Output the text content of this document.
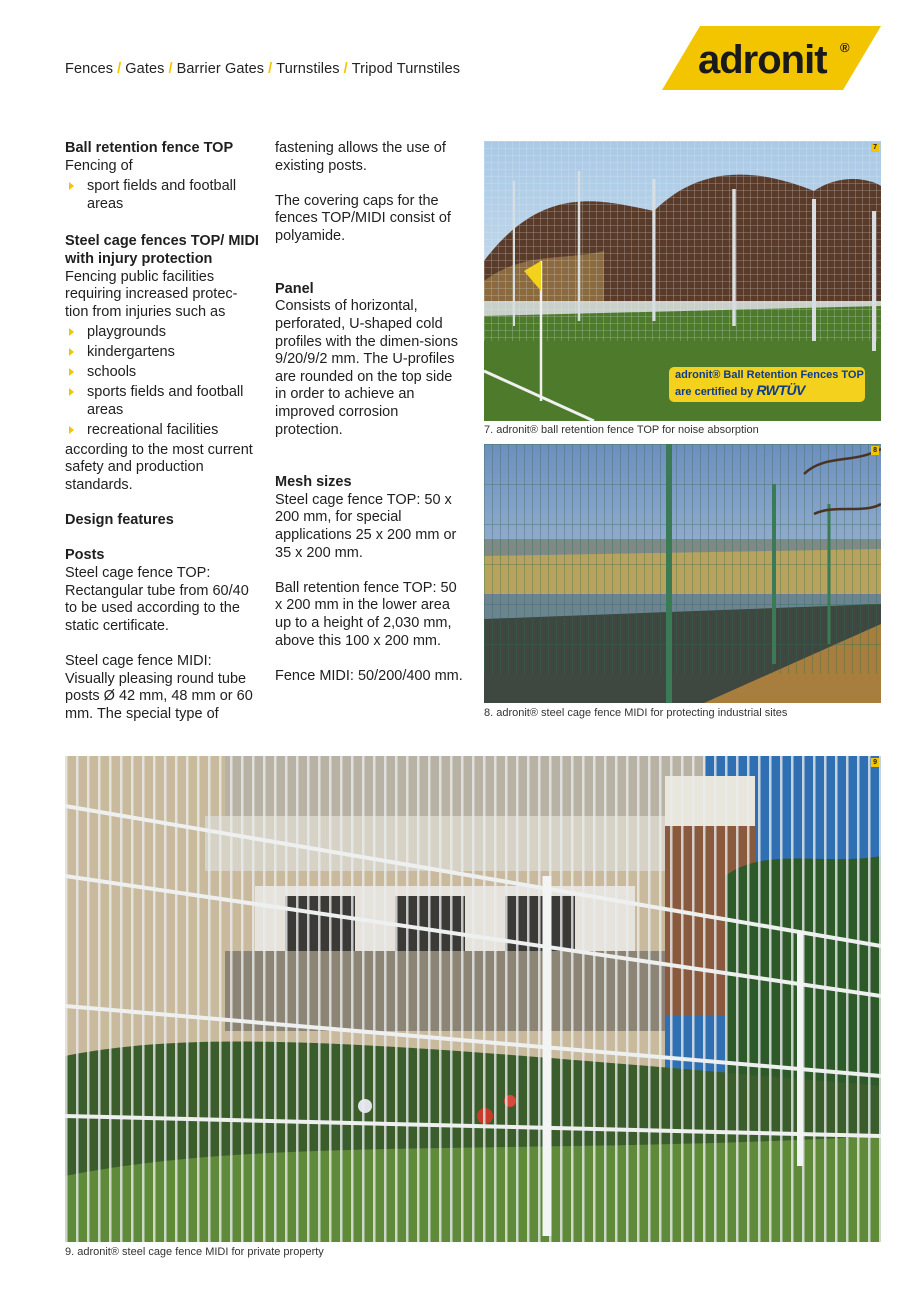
Fences / Gates / Barrier Gates / Turnstiles / Tripod Turnstiles	adronit ®
Ball retention fence TOP
Fencing of
sport fields and football areas
Steel cage fences TOP/ MIDI with injury protection
Fencing public facilities requiring increased protec-tion from injuries such as
playgrounds
kindergartens
schools
sports fields and football areas
recreational facilities
according to the most current safety and production standards.
Design features
Posts
Steel cage fence TOP: Rectangular tube from 60/40 to be used according to the static certificate.
Steel cage fence MIDI: Visually pleasing round tube posts Ø 42 mm, 48 mm or 60 mm. The special type of
fastening allows the use of existing posts.
The covering caps for the fences TOP/MIDI consist of polyamide.
Panel
Consists of horizontal, perforated, U-shaped cold profiles with the dimen-sions 9/20/9/2 mm. The U-profiles are rounded on the top side in order to achieve an improved corrosion protection.
Mesh sizes
Steel cage fence TOP: 50 x 200 mm, for special applications 25 x 200 mm or 35 x 200 mm.
Ball retention fence TOP: 50 x 200 mm in the lower area up to a height of 2,030 mm, above this 100 x 200 mm.
Fence MIDI: 50/200/400 mm.
7
adronit® Ball Retention Fences TOP
are certified by RWTÜV
7. adronit® ball retention fence TOP for noise absorption
8
8. adronit® steel cage fence MIDI for protecting industrial sites
9
9. adronit® steel cage fence MIDI for private property
